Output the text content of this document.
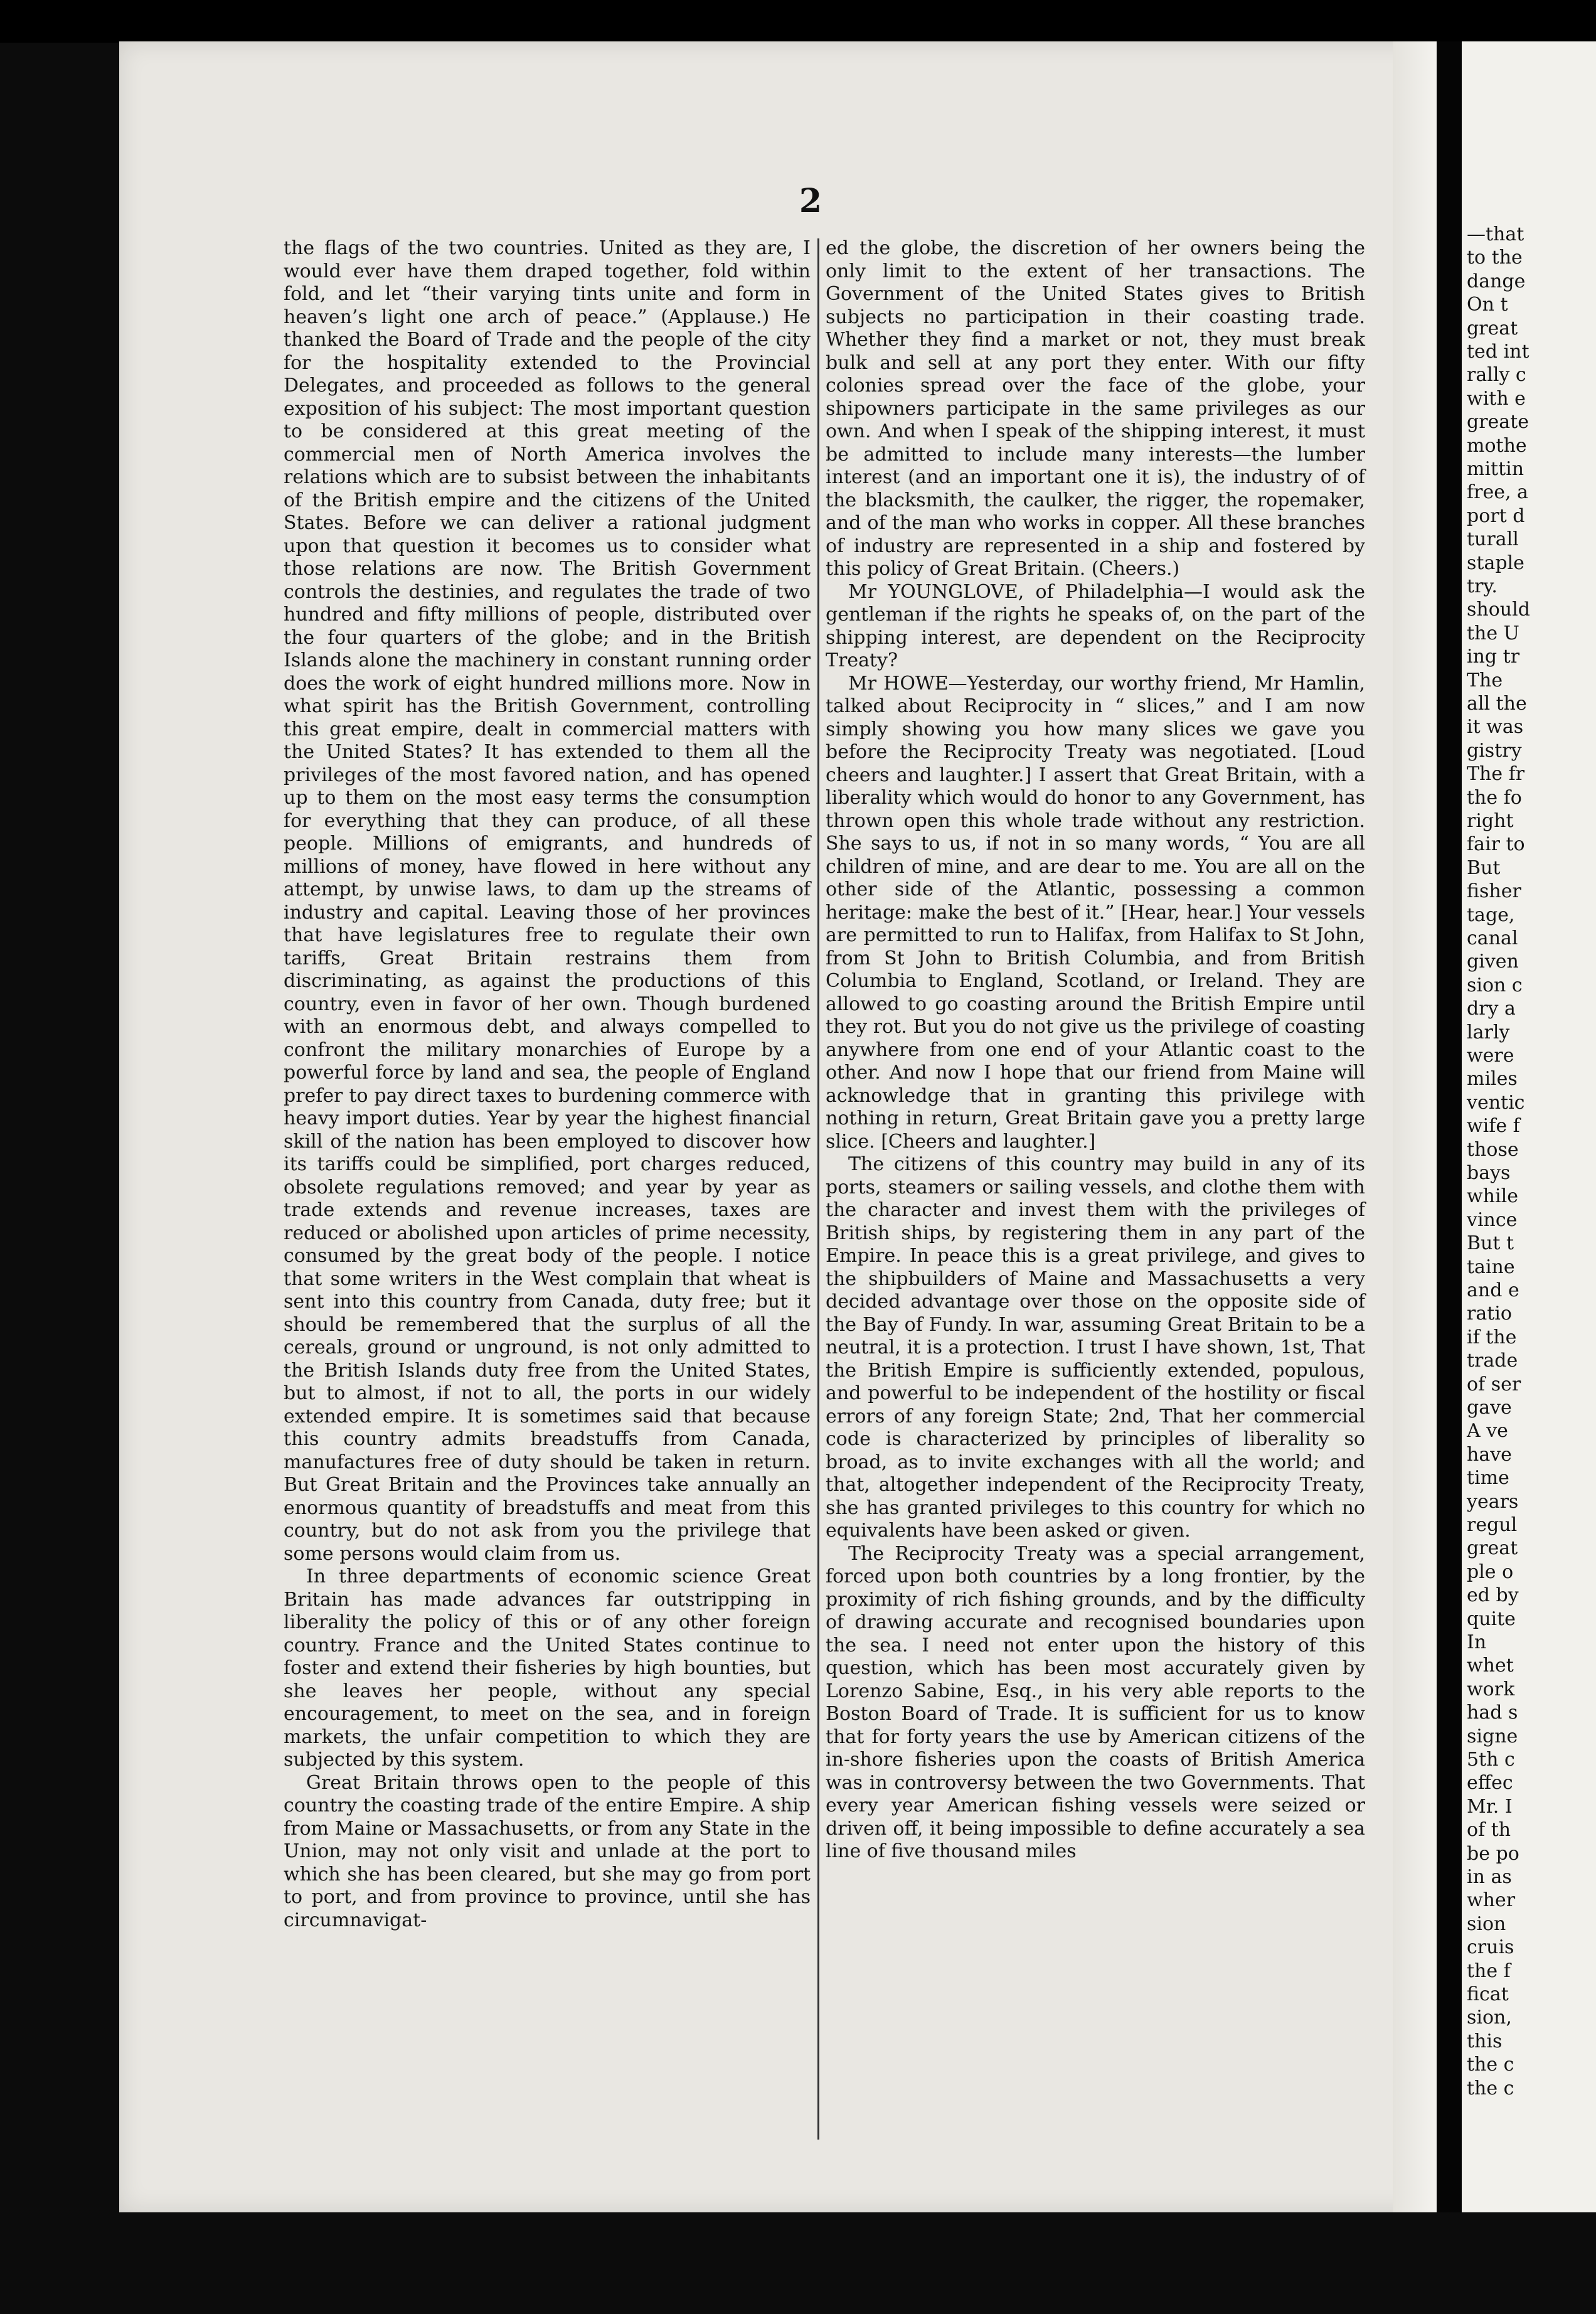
—that
to the
dange
On t
great
ted int
rally c
with e
greate
mothe
mittin
free, a
port d
turall
staple
try.
should
the U
ing tr
The
all the
it was
gistry
The fr
the fo
right
fair to
But
fisher
tage,
canal
given
sion c
dry a
larly
were
miles
ventic
wife f
those
bays
while
vince
But t
taine
and e
ratio
if the
trade
of ser
gave
A ve
have
time
years
regul
great
ple o
ed by
quite
In
whet
work
had s
signe
5th c
effec
Mr. I
of th
be po
in as
wher
sion
cruis
the f
ficat
sion,
this
the c
the c
2

the flags of the two countries. United as they are, I would ever have them draped together, fold within fold, and let “their varying tints unite and form in heaven’s light one arch of peace.” (Applause.) He thanked the Board of Trade and the people of the city for the hospitality extended to the Provincial Delegates, and proceeded as follows to the general exposition of his subject: The most important question to be considered at this great meeting of the commercial men of North America involves the relations which are to subsist between the inhabitants of the British empire and the citizens of the United States. Before we can deliver a rational judgment upon that question it becomes us to consider what those relations are now. The British Government controls the destinies, and regulates the trade of two hundred and fifty millions of people, distributed over the four quarters of the globe; and in the British Islands alone the machinery in constant running order does the work of eight hundred millions more. Now in what spirit has the British Government, controlling this great empire, dealt in commercial matters with the United States? It has extended to them all the privileges of the most favored nation, and has opened up to them on the most easy terms the consumption for everything that they can produce, of all these people. Millions of emigrants, and hundreds of millions of money, have flowed in here without any attempt, by unwise laws, to dam up the streams of industry and capital. Leaving those of her provinces that have legislatures free to regulate their own tariffs, Great Britain restrains them from discriminating, as against the productions of this country, even in favor of her own. Though burdened with an enormous debt, and always compelled to confront the military monarchies of Europe by a powerful force by land and sea, the people of England prefer to pay direct taxes to burdening commerce with heavy import duties. Year by year the highest financial skill of the nation has been employed to discover how its tariffs could be simplified, port charges reduced, obsolete regulations removed; and year by year as trade extends and revenue increases, taxes are reduced or abolished upon articles of prime necessity, consumed by the great body of the people. I notice that some writers in the West complain that wheat is sent into this country from Canada, duty free; but it should be remembered that the surplus of all the cereals, ground or unground, is not only admitted to the British Islands duty free from the United States, but to almost, if not to all, the ports in our widely extended empire. It is sometimes said that because this country admits breadstuffs from Canada, manufactures free of duty should be taken in return. But Great Britain and the Provinces take annually an enormous quantity of breadstuffs and meat from this country, but do not ask from you the privilege that some persons would claim from us.

In three departments of economic science Great Britain has made advances far outstripping in liberality the policy of this or of any other foreign country. France and the United States continue to foster and extend their fisheries by high bounties, but she leaves her people, without any special encouragement, to meet on the sea, and in foreign markets, the unfair competition to which they are subjected by this system.

Great Britain throws open to the people of this country the coasting trade of the entire Empire. A ship from Maine or Massachusetts, or from any State in the Union, may not only visit and unlade at the port to which she has been cleared, but she may go from port to port, and from province to province, until she has circumnavigat-

ed the globe, the discretion of her owners being the only limit to the extent of her transactions. The Government of the United States gives to British subjects no participation in their coasting trade. Whether they find a market or not, they must break bulk and sell at any port they enter. With our fifty colonies spread over the face of the globe, your shipowners participate in the same privileges as our own. And when I speak of the shipping interest, it must be admitted to include many interests—the lumber interest (and an important one it is), the industry of of the blacksmith, the caulker, the rigger, the ropemaker, and of the man who works in copper. All these branches of industry are represented in a ship and fostered by this policy of Great Britain. (Cheers.)

Mr YOUNGLOVE, of Philadelphia—I would ask the gentleman if the rights he speaks of, on the part of the shipping interest, are dependent on the Reciprocity Treaty?

Mr HOWE—Yesterday, our worthy friend, Mr Hamlin, talked about Reciprocity in “ slices,” and I am now simply showing you how many slices we gave you before the Reciprocity Treaty was negotiated. [Loud cheers and laughter.] I assert that Great Britain, with a liberality which would do honor to any Government, has thrown open this whole trade without any restriction. She says to us, if not in so many words, “ You are all children of mine, and are dear to me. You are all on the other side of the Atlantic, possessing a common heritage: make the best of it.” [Hear, hear.] Your vessels are permitted to run to Halifax, from Halifax to St John, from St John to British Columbia, and from British Columbia to England, Scotland, or Ireland. They are allowed to go coasting around the British Empire until they rot. But you do not give us the privilege of coasting anywhere from one end of your Atlantic coast to the other. And now I hope that our friend from Maine will acknowledge that in granting this privilege with nothing in return, Great Britain gave you a pretty large slice. [Cheers and laughter.]

The citizens of this country may build in any of its ports, steamers or sailing vessels, and clothe them with the character and invest them with the privileges of British ships, by registering them in any part of the Empire. In peace this is a great privilege, and gives to the shipbuilders of Maine and Massachusetts a very decided advantage over those on the opposite side of the Bay of Fundy. In war, assuming Great Britain to be a neutral, it is a protection. I trust I have shown, 1st, That the British Empire is sufficiently extended, populous, and powerful to be independent of the hostility or fiscal errors of any foreign State; 2nd, That her commercial code is characterized by principles of liberality so broad, as to invite exchanges with all the world; and that, altogether independent of the Reciprocity Treaty, she has granted privileges to this country for which no equivalents have been asked or given.

The Reciprocity Treaty was a special arrangement, forced upon both countries by a long frontier, by the proximity of rich fishing grounds, and by the difficulty of drawing accurate and recognised boundaries upon the sea. I need not enter upon the history of this question, which has been most accurately given by Lorenzo Sabine, Esq., in his very able reports to the Boston Board of Trade. It is sufficient for us to know that for forty years the use by American citizens of the in-shore fisheries upon the coasts of British America was in controversy between the two Governments. That every year American fishing vessels were seized or driven off, it being impossible to define accurately a sea line of five thousand miles
